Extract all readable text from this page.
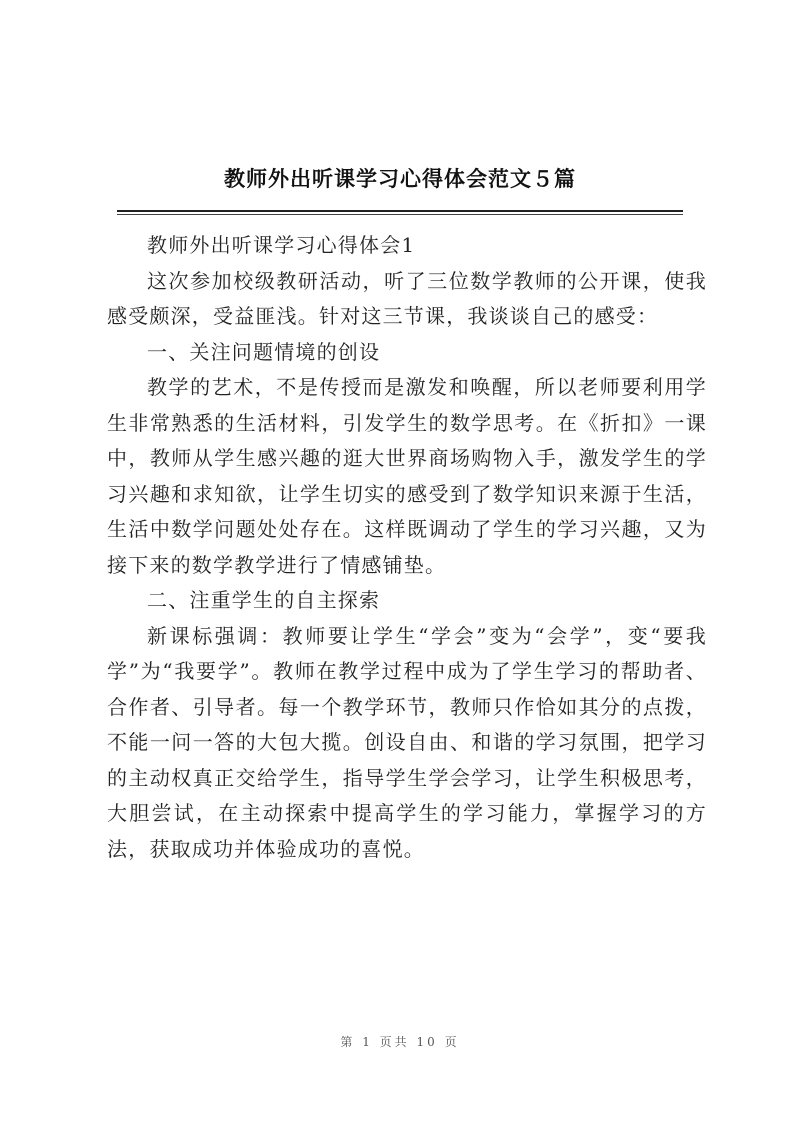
教师外出听课学习心得体会范文５篇

教师外出听课学习心得体会1

这次参加校级教研活动，听了三位数学教师的公开课，使我感受颇深，受益匪浅。针对这三节课，我谈谈自己的感受：

一、关注问题情境的创设

教学的艺术，不是传授而是激发和唤醒，所以老师要利用学生非常熟悉的生活材料，引发学生的数学思考。在《折扣》一课中，教师从学生感兴趣的逛大世界商场购物入手，激发学生的学习兴趣和求知欲，让学生切实的感受到了数学知识来源于生活，生活中数学问题处处存在。这样既调动了学生的学习兴趣，又为接下来的数学教学进行了情感铺垫。

二、注重学生的自主探索

新课标强调：教师要让学生“学会”变为“会学”，变“要我学”为“我要学”。教师在教学过程中成为了学生学习的帮助者、合作者、引导者。每一个教学环节，教师只作恰如其分的点拨，不能一问一答的大包大揽。创设自由、和谐的学习氛围，把学习的主动权真正交给学生，指导学生学会学习，让学生积极思考，大胆尝试，在主动探索中提高学生的学习能力，掌握学习的方法，获取成功并体验成功的喜悦。

第 1 页共 10 页
